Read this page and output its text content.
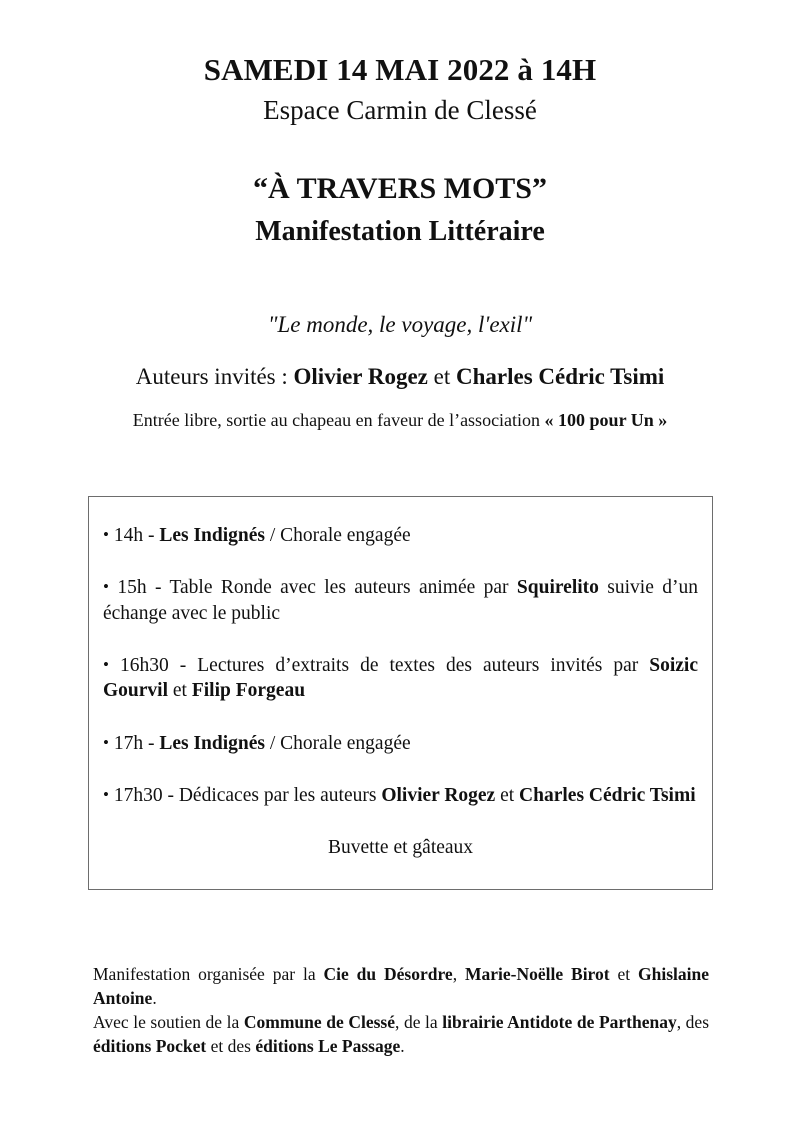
SAMEDI 14 MAI 2022 à 14H
Espace Carmin de Clessé
“À TRAVERS MOTS”
Manifestation Littéraire
"Le monde, le voyage, l'exil"
Auteurs invités : Olivier Rogez et Charles Cédric Tsimi
Entrée libre, sortie au chapeau en faveur de l’association « 100 pour Un »
• 14h - Les Indignés / Chorale engagée
• 15h - Table Ronde avec les auteurs animée par Squirelito suivie d’un échange avec le public
• 16h30 - Lectures d’extraits de textes des auteurs invités par Soizic Gourvil et Filip Forgeau
• 17h - Les Indignés / Chorale engagée
• 17h30 - Dédicaces par les auteurs Olivier Rogez et Charles Cédric Tsimi
Buvette et gâteaux
Manifestation organisée par la Cie du Désordre, Marie-Noëlle Birot et Ghislaine Antoine.
Avec le soutien de la Commune de Clessé, de la librairie Antidote de Parthenay, des éditions Pocket et des éditions Le Passage.
